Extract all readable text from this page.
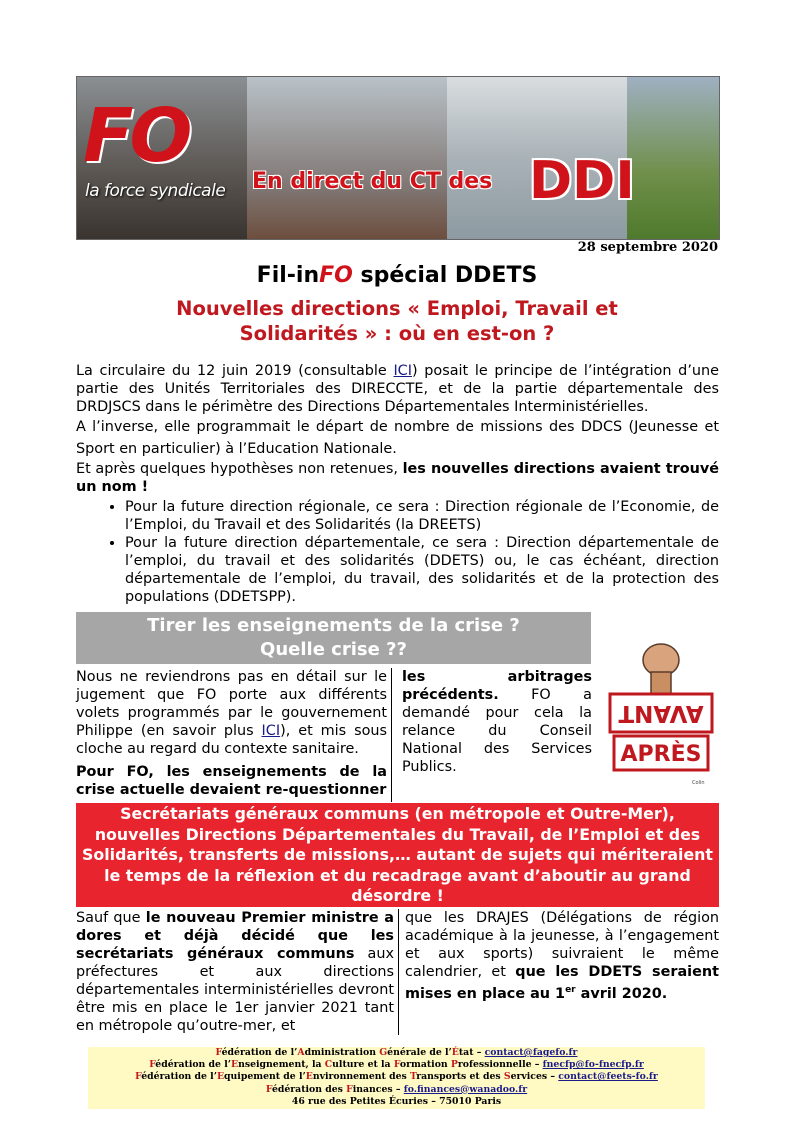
FO
la force syndicale En direct du CT des DDI
28 septembre 2020
Fil-inFO spécial DDETS
Nouvelles directions « Emploi, Travail et
Solidarités » : où en est-on ?

La circulaire du 12 juin 2019 (consultable ICI) posait le principe de l’intégration d’une partie des Unités Territoriales des DIRECCTE, et de la partie départementale des DRDJSCS dans le périmètre des Directions Départementales Interministérielles.

A l’inverse, elle programmait le départ de nombre de missions des DDCS (Jeunesse et Sport en particulier) à l’Education Nationale.

Et après quelques hypothèses non retenues, les nouvelles directions avaient trouvé un nom !

• Pour la future direction régionale, ce sera : Direction régionale de l’Economie, de l’Emploi, du Travail et des Solidarités (la DREETS)
• Pour la future direction départementale, ce sera : Direction départementale de l’emploi, du travail et des solidarités (DDETS) ou, le cas échéant, direction départementale de l’emploi, du travail, des solidarités et de la protection des populations (DDETSPP).
Tirer les enseignements de la crise ?
Quelle crise ??
Nous ne reviendrons pas en détail sur le jugement que FO porte aux différents volets programmés par le gouvernement Philippe (en savoir plus ICI), et mis sous cloche au regard du contexte sanitaire.
Pour FO, les enseignements de la crise actuelle devaient re-questionner
les arbitrages précédents. FO a demandé pour cela la relance du Conseil National des Services Publics.
AVANT
APRÈS
Colin
Secrétariats généraux communs (en métropole et Outre-Mer), nouvelles Directions Départementales du Travail, de l’Emploi et des Solidarités, transferts de missions,… autant de sujets qui mériteraient le temps de la réflexion et du recadrage avant d’aboutir au grand désordre !
Sauf que le nouveau Premier ministre a dores et déjà décidé que les secrétariats généraux communs aux préfectures et aux directions départementales interministérielles devront être mis en place le 1er janvier 2021 tant en métropole qu’outre-mer, et
que les DRAJES (Délégations de région académique à la jeunesse, à l’engagement et aux sports) suivraient le même calendrier, et que les DDETS seraient mises en place au 1er avril 2020.
Fédération de l’Administration Générale de l’État – contact@fagefo.fr
Fédération de l’Enseignement, la Culture et la Formation Professionnelle – fnecfp@fo-fnecfp.fr
Fédération de l’Equipement de l’Environnement des Transports et des Services – contact@feets-fo.fr
Fédération des Finances – fo.finances@wanadoo.fr
46 rue des Petites Écuries – 75010 Paris
